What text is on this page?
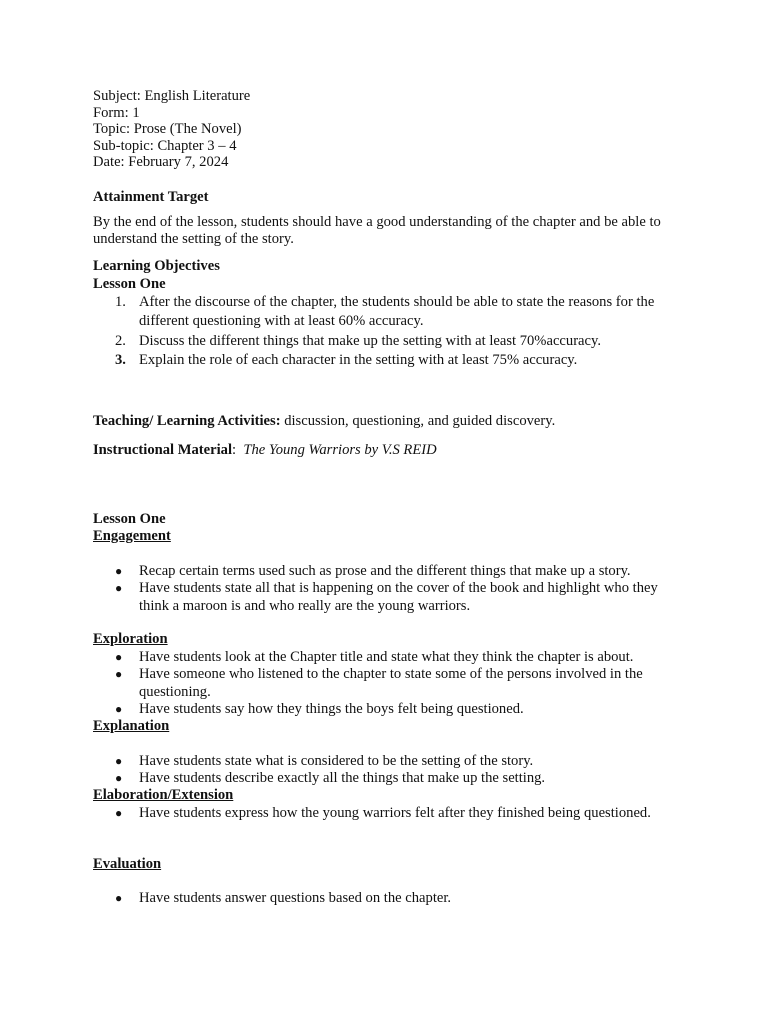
Subject: English Literature
Form: 1
Topic: Prose (The Novel)
Sub-topic: Chapter 3 – 4
Date: February 7, 2024
Attainment Target
By the end of the lesson, students should have a good understanding of the chapter and be able to understand the setting of the story.
Learning Objectives
Lesson One
1. After the discourse of the chapter, the students should be able to state the reasons for the different questioning with at least 60% accuracy.
2. Discuss the different things that make up the setting with at least 70%accuracy.
3. Explain the role of each character in the setting with at least 75% accuracy.
Teaching/ Learning Activities: discussion, questioning, and guided discovery.
Instructional Material:  The Young Warriors by V.S REID
Lesson One
Engagement
● Recap certain terms used such as prose and the different things that make up a story.
● Have students state all that is happening on the cover of the book and highlight who they think a maroon is and who really are the young warriors.
Exploration
● Have students look at the Chapter title and state what they think the chapter is about.
● Have someone who listened to the chapter to state some of the persons involved in the questioning.
● Have students say how they things the boys felt being questioned.
Explanation
● Have students state what is considered to be the setting of the story.
● Have students describe exactly all the things that make up the setting.
Elaboration/Extension
● Have students express how the young warriors felt after they finished being questioned.
Evaluation
● Have students answer questions based on the chapter.
